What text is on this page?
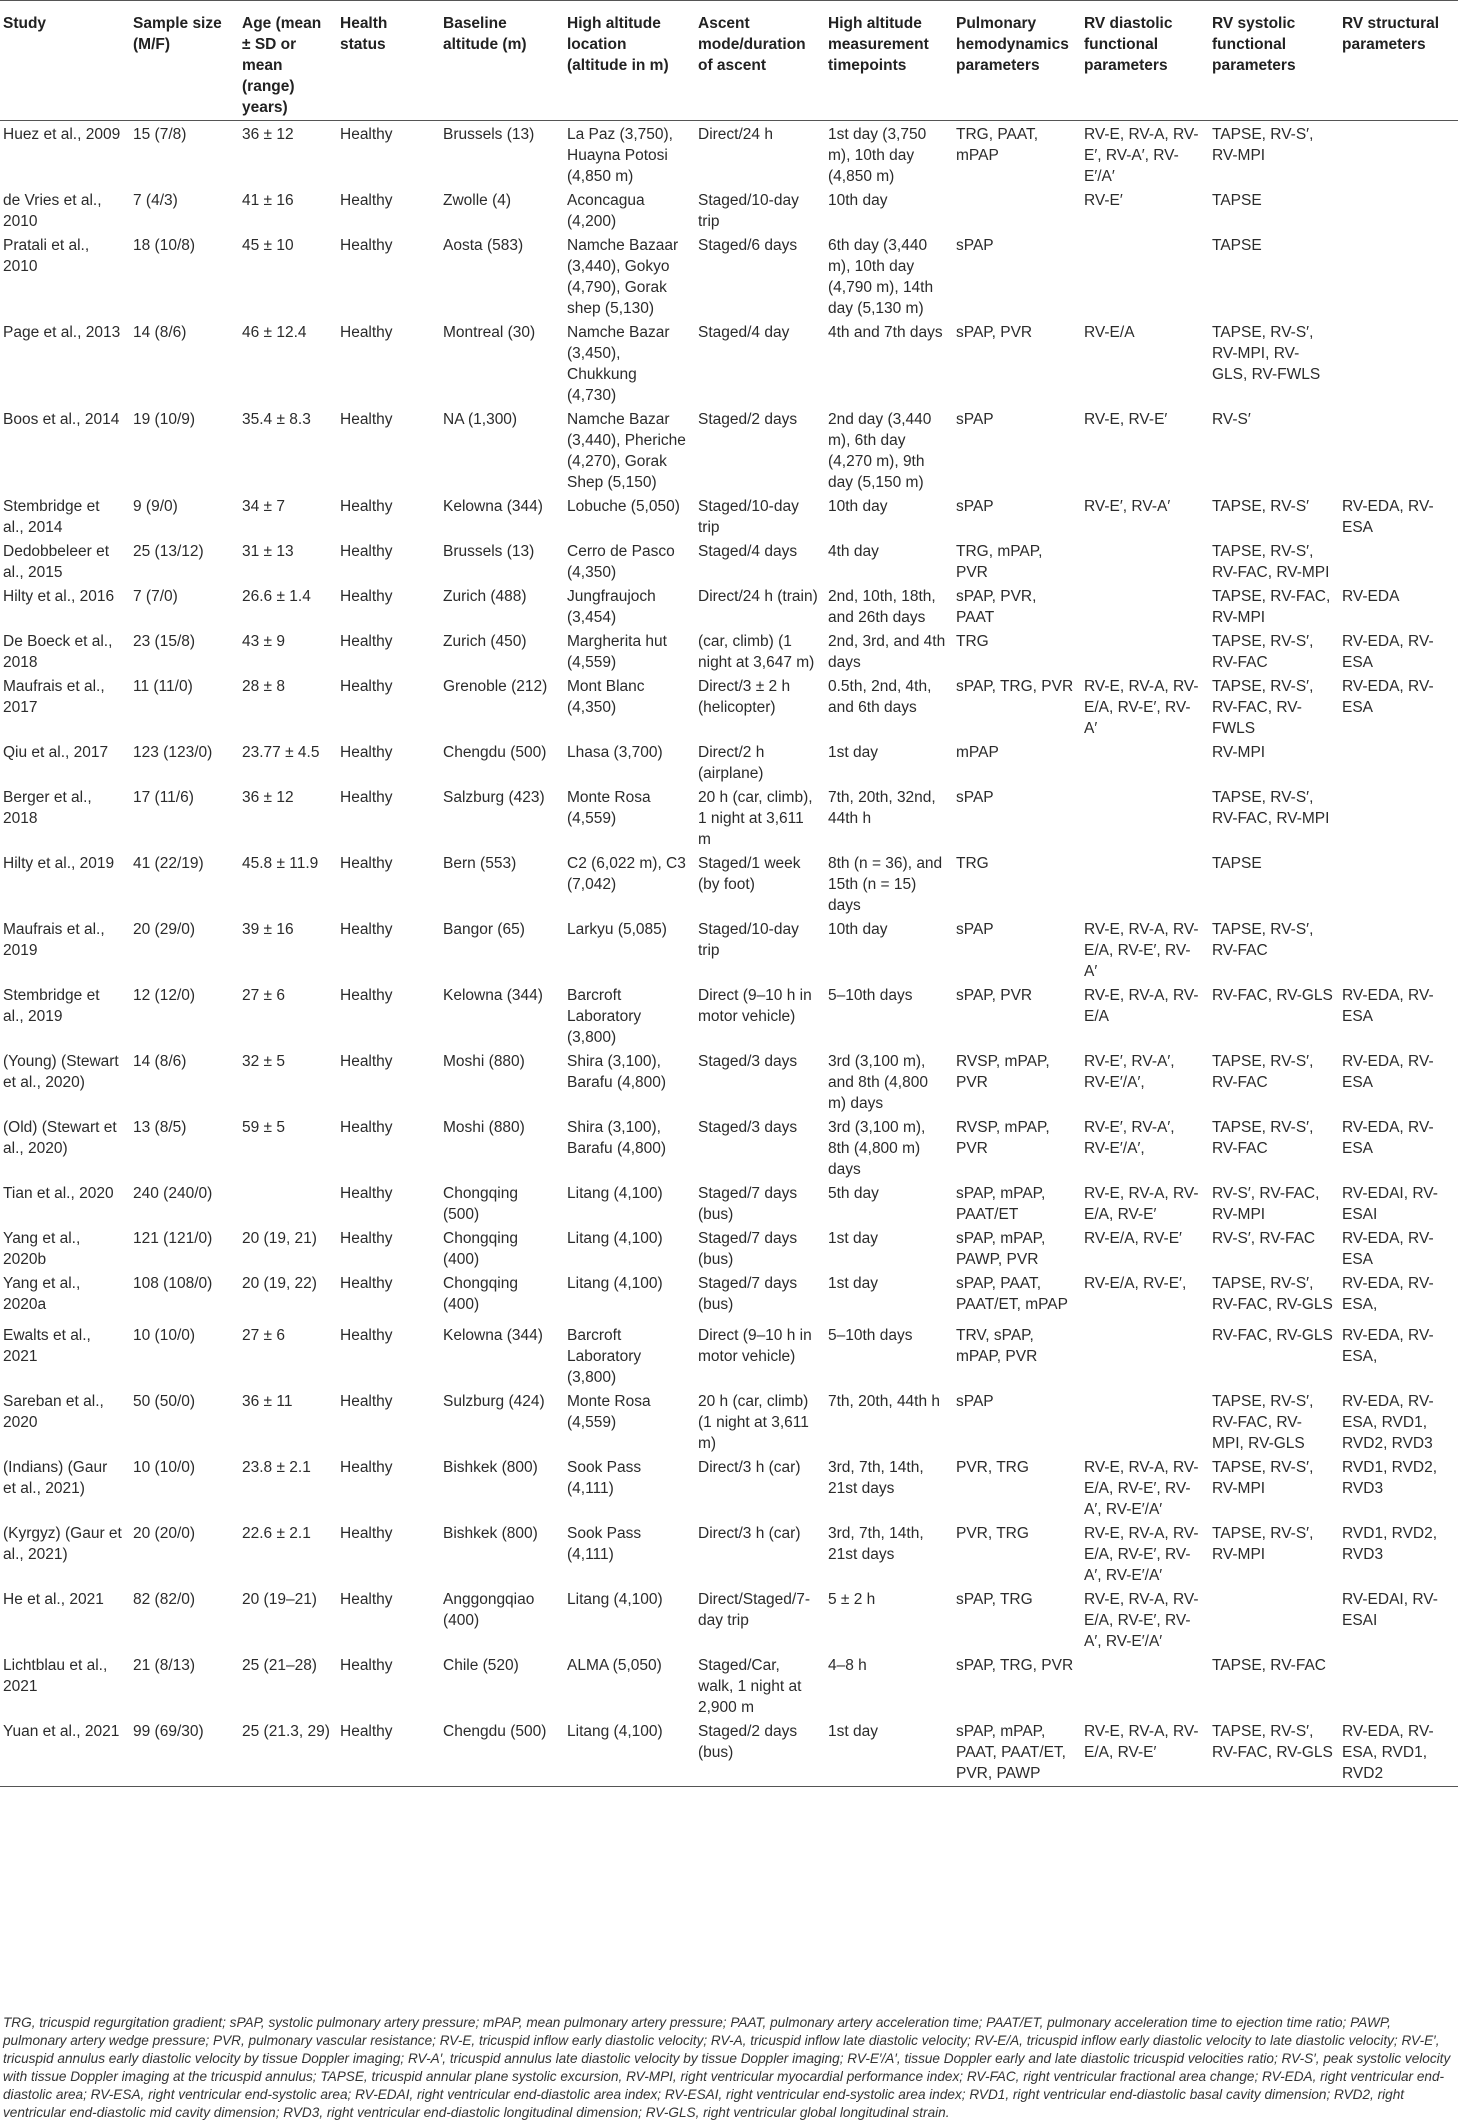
Study	Sample size (M/F)	Age (mean ± SD or mean (range) years)	Health status	Baseline altitude (m)	High altitude location (altitude in m)	Ascent mode/duration of ascent	High altitude measurement timepoints	Pulmonary hemodynamics parameters	RV diastolic functional parameters	RV systolic functional parameters	RV structural parameters
Huez et al., 2009	15 (7/8)	36 ± 12	Healthy	Brussels (13)	La Paz (3,750), Huayna Potosi (4,850 m)	Direct/24 h	1st day (3,750 m), 10th day (4,850 m)	TRG, PAAT, mPAP	RV-E, RV-A, RV-E′, RV-A′, RV-E′/A′	TAPSE, RV-S′, RV-MPI	
de Vries et al., 2010	7 (4/3)	41 ± 16	Healthy	Zwolle (4)	Aconcagua (4,200)	Staged/10-day trip	10th day		RV-E′	TAPSE	
Pratali et al., 2010	18 (10/8)	45 ± 10	Healthy	Aosta (583)	Namche Bazaar (3,440), Gokyo (4,790), Gorak shep (5,130)	Staged/6 days	6th day (3,440 m), 10th day (4,790 m), 14th day (5,130 m)	sPAP		TAPSE	
Page et al., 2013	14 (8/6)	46 ± 12.4	Healthy	Montreal (30)	Namche Bazar (3,450), Chukkung (4,730)	Staged/4 day	4th and 7th days	sPAP, PVR	RV-E/A	TAPSE, RV-S′, RV-MPI, RV-GLS, RV-FWLS	
Boos et al., 2014	19 (10/9)	35.4 ± 8.3	Healthy	NA (1,300)	Namche Bazar (3,440), Pheriche (4,270), Gorak Shep (5,150)	Staged/2 days	2nd day (3,440 m), 6th day (4,270 m), 9th day (5,150 m)	sPAP	RV-E, RV-E′	RV-S′	
Stembridge et al., 2014	9 (9/0)	34 ± 7	Healthy	Kelowna (344)	Lobuche (5,050)	Staged/10-day trip	10th day	sPAP	RV-E′, RV-A′	TAPSE, RV-S′	RV-EDA, RV-ESA
Dedobbeleer et al., 2015	25 (13/12)	31 ± 13	Healthy	Brussels (13)	Cerro de Pasco (4,350)	Staged/4 days	4th day	TRG, mPAP, PVR		TAPSE, RV-S′, RV-FAC, RV-MPI	
Hilty et al., 2016	7 (7/0)	26.6 ± 1.4	Healthy	Zurich (488)	Jungfraujoch (3,454)	Direct/24 h (train)	2nd, 10th, 18th, and 26th days	sPAP, PVR, PAAT		TAPSE, RV-FAC, RV-MPI	RV-EDA
De Boeck et al., 2018	23 (15/8)	43 ± 9	Healthy	Zurich (450)	Margherita hut (4,559)	(car, climb) (1 night at 3,647 m)	2nd, 3rd, and 4th days	TRG		TAPSE, RV-S′, RV-FAC	RV-EDA, RV-ESA
Maufrais et al., 2017	11 (11/0)	28 ± 8	Healthy	Grenoble (212)	Mont Blanc (4,350)	Direct/3 ± 2 h (helicopter)	0.5th, 2nd, 4th, and 6th days	sPAP, TRG, PVR	RV-E, RV-A, RV-E/A, RV-E′, RV-A′	TAPSE, RV-S′, RV-FAC, RV-FWLS	RV-EDA, RV-ESA
Qiu et al., 2017	123 (123/0)	23.77 ± 4.5	Healthy	Chengdu (500)	Lhasa (3,700)	Direct/2 h (airplane)	1st day	mPAP		RV-MPI	
Berger et al., 2018	17 (11/6)	36 ± 12	Healthy	Salzburg (423)	Monte Rosa (4,559)	20 h (car, climb), 1 night at 3,611 m	7th, 20th, 32nd, 44th h	sPAP		TAPSE, RV-S′, RV-FAC, RV-MPI	
Hilty et al., 2019	41 (22/19)	45.8 ± 11.9	Healthy	Bern (553)	C2 (6,022 m), C3 (7,042)	Staged/1 week (by foot)	8th (n = 36), and 15th (n = 15) days	TRG		TAPSE	
Maufrais et al., 2019	20 (29/0)	39 ± 16	Healthy	Bangor (65)	Larkyu (5,085)	Staged/10-day trip	10th day	sPAP	RV-E, RV-A, RV-E/A, RV-E′, RV-A′	TAPSE, RV-S′, RV-FAC	
Stembridge et al., 2019	12 (12/0)	27 ± 6	Healthy	Kelowna (344)	Barcroft Laboratory (3,800)	Direct (9–10 h in motor vehicle)	5–10th days	sPAP, PVR	RV-E, RV-A, RV-E/A	RV-FAC, RV-GLS	RV-EDA, RV-ESA
(Young) (Stewart et al., 2020)	14 (8/6)	32 ± 5	Healthy	Moshi (880)	Shira (3,100), Barafu (4,800)	Staged/3 days	3rd (3,100 m), and 8th (4,800 m) days	RVSP, mPAP, PVR	RV-E′, RV-A′, RV-E′/A′,	TAPSE, RV-S′, RV-FAC	RV-EDA, RV-ESA
(Old) (Stewart et al., 2020)	13 (8/5)	59 ± 5	Healthy	Moshi (880)	Shira (3,100), Barafu (4,800)	Staged/3 days	3rd (3,100 m), 8th (4,800 m) days	RVSP, mPAP, PVR	RV-E′, RV-A′, RV-E′/A′,	TAPSE, RV-S′, RV-FAC	RV-EDA, RV-ESA
Tian et al., 2020	240 (240/0)		Healthy	Chongqing (500)	Litang (4,100)	Staged/7 days (bus)	5th day	sPAP, mPAP, PAAT/ET	RV-E, RV-A, RV-E/A, RV-E′	RV-S′, RV-FAC, RV-MPI	RV-EDAI, RV-ESAI
Yang et al., 2020b	121 (121/0)	20 (19, 21)	Healthy	Chongqing (400)	Litang (4,100)	Staged/7 days (bus)	1st day	sPAP, mPAP, PAWP, PVR	RV-E/A, RV-E′	RV-S′, RV-FAC	RV-EDA, RV-ESA
Yang et al., 2020a	108 (108/0)	20 (19, 22)	Healthy	Chongqing (400)	Litang (4,100)	Staged/7 days (bus)	1st day	sPAP, PAAT, PAAT/ET, mPAP	RV-E/A, RV-E′,	TAPSE, RV-S′, RV-FAC, RV-GLS	RV-EDA, RV-ESA,
Ewalts et al., 2021	10 (10/0)	27 ± 6	Healthy	Kelowna (344)	Barcroft Laboratory (3,800)	Direct (9–10 h in motor vehicle)	5–10th days	TRV, sPAP, mPAP, PVR		RV-FAC, RV-GLS	RV-EDA, RV-ESA,
Sareban et al., 2020	50 (50/0)	36 ± 11	Healthy	Sulzburg (424)	Monte Rosa (4,559)	20 h (car, climb) (1 night at 3,611 m)	7th, 20th, 44th h	sPAP		TAPSE, RV-S′, RV-FAC, RV-MPI, RV-GLS	RV-EDA, RV-ESA, RVD1, RVD2, RVD3
(Indians) (Gaur et al., 2021)	10 (10/0)	23.8 ± 2.1	Healthy	Bishkek (800)	Sook Pass (4,111)	Direct/3 h (car)	3rd, 7th, 14th, 21st days	PVR, TRG	RV-E, RV-A, RV-E/A, RV-E′, RV-A′, RV-E′/A′	TAPSE, RV-S′, RV-MPI	RVD1, RVD2, RVD3
(Kyrgyz) (Gaur et al., 2021)	20 (20/0)	22.6 ± 2.1	Healthy	Bishkek (800)	Sook Pass (4,111)	Direct/3 h (car)	3rd, 7th, 14th, 21st days	PVR, TRG	RV-E, RV-A, RV-E/A, RV-E′, RV-A′, RV-E′/A′	TAPSE, RV-S′, RV-MPI	RVD1, RVD2, RVD3
He et al., 2021	82 (82/0)	20 (19–21)	Healthy	Anggongqiao (400)	Litang (4,100)	Direct/Staged/7-day trip	5 ± 2 h	sPAP, TRG	RV-E, RV-A, RV-E/A, RV-E′, RV-A′, RV-E′/A′		RV-EDAI, RV-ESAI
Lichtblau et al., 2021	21 (8/13)	25 (21–28)	Healthy	Chile (520)	ALMA (5,050)	Staged/Car, walk, 1 night at 2,900 m	4–8 h	sPAP, TRG, PVR		TAPSE, RV-FAC	
Yuan et al., 2021	99 (69/30)	25 (21.3, 29)	Healthy	Chengdu (500)	Litang (4,100)	Staged/2 days (bus)	1st day	sPAP, mPAP, PAAT, PAAT/ET, PVR, PAWP	RV-E, RV-A, RV-E/A, RV-E′	TAPSE, RV-S′, RV-FAC, RV-GLS	RV-EDA, RV-ESA, RVD1, RVD2

TRG, tricuspid regurgitation gradient; sPAP, systolic pulmonary artery pressure; mPAP, mean pulmonary artery pressure; PAAT, pulmonary artery acceleration time; PAAT/ET, pulmonary acceleration time to ejection time ratio; PAWP, pulmonary artery wedge pressure; PVR, pulmonary vascular resistance; RV-E, tricuspid inflow early diastolic velocity; RV-A, tricuspid inflow late diastolic velocity; RV-E/A, tricuspid inflow early diastolic velocity to late diastolic velocity; RV-E′, tricuspid annulus early diastolic velocity by tissue Doppler imaging; RV-A′, tricuspid annulus late diastolic velocity by tissue Doppler imaging; RV-E′/A′, tissue Doppler early and late diastolic tricuspid velocities ratio; RV-S′, peak systolic velocity with tissue Doppler imaging at the tricuspid annulus; TAPSE, tricuspid annular plane systolic excursion, RV-MPI, right ventricular myocardial performance index; RV-FAC, right ventricular fractional area change; RV-EDA, right ventricular end-diastolic area; RV-ESA, right ventricular end-systolic area; RV-EDAI, right ventricular end-diastolic area index; RV-ESAI, right ventricular end-systolic area index; RVD1, right ventricular end-diastolic basal cavity dimension; RVD2, right ventricular end-diastolic mid cavity dimension; RVD3, right ventricular end-diastolic longitudinal dimension; RV-GLS, right ventricular global longitudinal strain.
